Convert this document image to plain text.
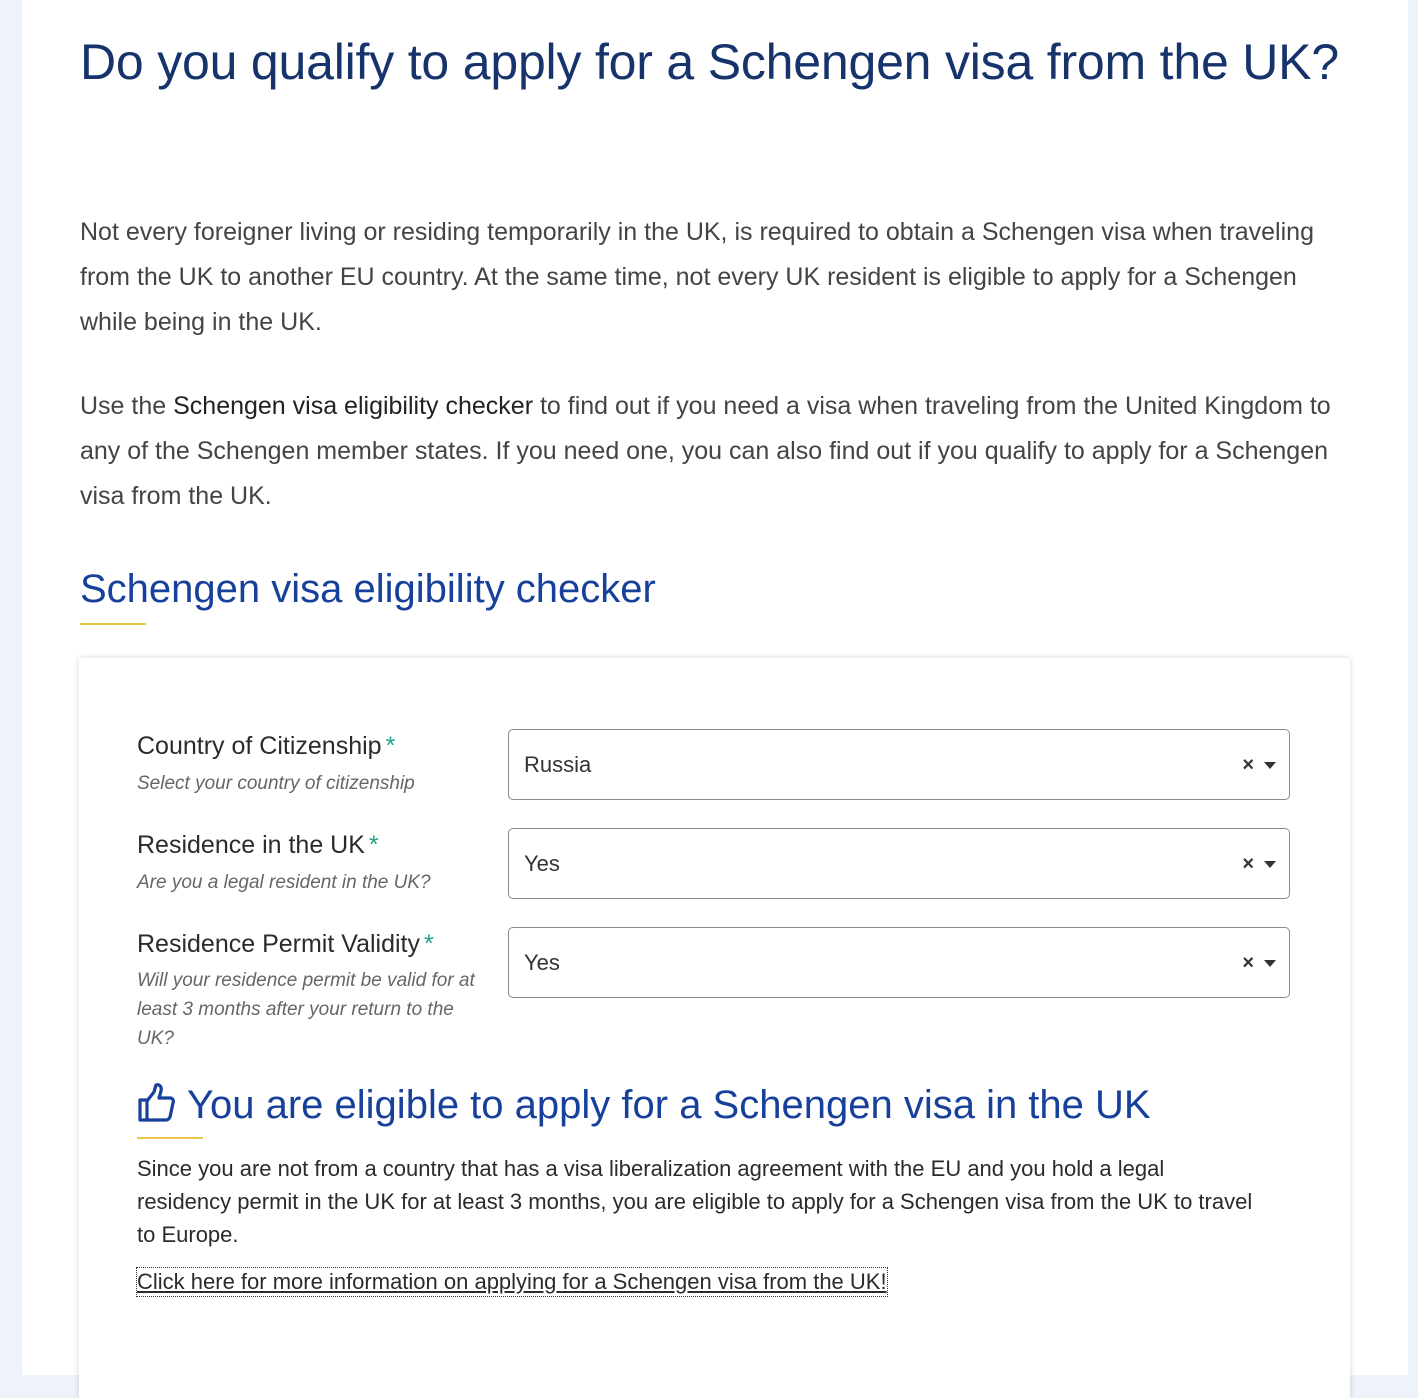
Do you qualify to apply for a Schengen visa from the UK?

Not every foreigner living or residing temporarily in the UK, is required to obtain a Schengen visa when traveling from the UK to another EU country. At the same time, not every UK resident is eligible to apply for a Schengen while being in the UK.

Use the Schengen visa eligibility checker to find out if you need a visa when traveling from the United Kingdom to any of the Schengen member states. If you need one, you can also find out if you qualify to apply for a Schengen visa from the UK.

Schengen visa eligibility checker
Country of Citizenship *
Select your country of citizenship
Russia	×
Residence in the UK *
Are you a legal resident in the UK?
Yes	×
Residence Permit Validity *
Will your residence permit be valid for at least 3 months after your return to the UK?
Yes	×
You are eligible to apply for a Schengen visa in the UK
Since you are not from a country that has a visa liberalization agreement with the EU and you hold a legal residency permit in the UK for at least 3 months, you are eligible to apply for a Schengen visa from the UK to travel to Europe.
Click here for more information on applying for a Schengen visa from the UK!
